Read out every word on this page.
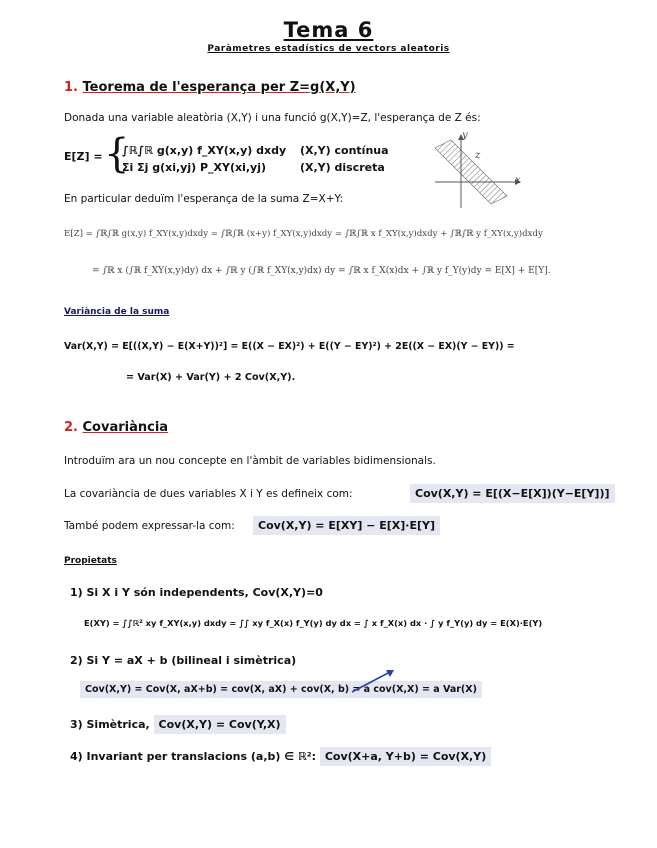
Tema 6
Paràmetres estadístics de vectors aleatoris
1. Teorema de l'esperança per Z=g(X,Y)
Donada una variable aleatòria (X,Y) i una funció g(X,Y)=Z, l'esperança de Z és:
E[Z] = {
∫ℝ∫ℝ g(x,y) f_XY(x,y) dxdy
Σi Σj g(xi,yj) P_XY(xi,yj)
(X,Y) contínua
(X,Y) discreta
y
z
x
En particular deduïm l'esperança de la suma Z=X+Y:
E[Z] = ∫ℝ∫ℝ g(x,y) f_XY(x,y)dxdy = ∫ℝ∫ℝ (x+y) f_XY(x,y)dxdy = ∫ℝ∫ℝ x f_XY(x,y)dxdy + ∫ℝ∫ℝ y f_XY(x,y)dxdy
= ∫ℝ x (∫ℝ f_XY(x,y)dy) dx + ∫ℝ y (∫ℝ f_XY(x,y)dx) dy = ∫ℝ x f_X(x)dx + ∫ℝ y f_Y(y)dy = E[X] + E[Y].
Variància de la suma
Var(X,Y) = E[((X,Y) − E(X+Y))²] = E((X − EX)²) + E((Y − EY)²) + 2E((X − EX)(Y − EY)) =
= Var(X) + Var(Y) + 2 Cov(X,Y).
2. Covariància
Introduïm ara un nou concepte en l'àmbit de variables bidimensionals.
La covariància de dues variables X i Y es defineix com:	Cov(X,Y) = E[(X−E[X])(Y−E[Y])]
També podem expressar-la com:	Cov(X,Y) = E[XY] − E[X]·E[Y]
Propietats
1) Si X i Y són independents, Cov(X,Y)=0
E(XY) = ∫∫ℝ² xy f_XY(x,y) dxdy = ∫∫ xy f_X(x) f_Y(y) dy dx = ∫ x f_X(x) dx · ∫ y f_Y(y) dy = E(X)·E(Y)
2) Si Y = aX + b (bilineal i simètrica)
Cov(X,Y) = Cov(X, aX+b) = cov(X, aX) + cov(X, b) = a cov(X,X) = a Var(X)
3) Simètrica, Cov(X,Y) = Cov(Y,X)
4) Invariant per translacions (a,b) ∈ ℝ²: Cov(X+a, Y+b) = Cov(X,Y)
